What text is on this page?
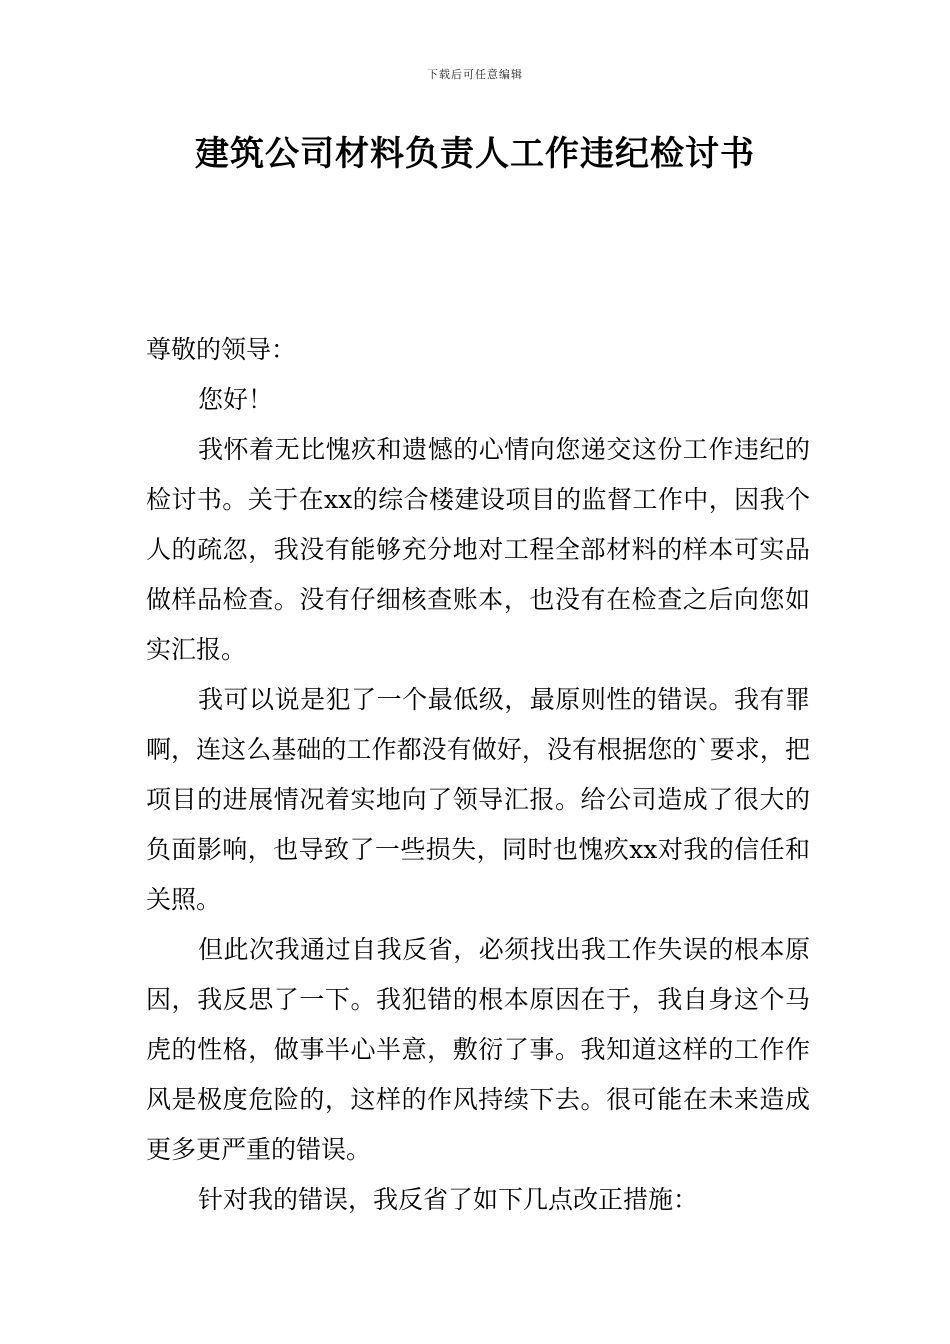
下载后可任意编辑
建筑公司材料负责人工作违纪检讨书

尊敬的领导：

您好！

我怀着无比愧疚和遗憾的心情向您递交这份工作违纪的检讨书。关于在xx的综合楼建设项目的监督工作中，因我个人的疏忽，我没有能够充分地对工程全部材料的样本可实品做样品检查。没有仔细核查账本，也没有在检查之后向您如实汇报。

我可以说是犯了一个最低级，最原则性的错误。我有罪啊，连这么基础的工作都没有做好，没有根据您的`要求，把项目的进展情况着实地向了领导汇报。给公司造成了很大的负面影响，也导致了一些损失，同时也愧疚xx对我的信任和关照。

但此次我通过自我反省，必须找出我工作失误的根本原因，我反思了一下。我犯错的根本原因在于，我自身这个马虎的性格，做事半心半意，敷衍了事。我知道这样的工作作风是极度危险的，这样的作风持续下去。很可能在未来造成更多更严重的错误。

针对我的错误，我反省了如下几点改正措施：
